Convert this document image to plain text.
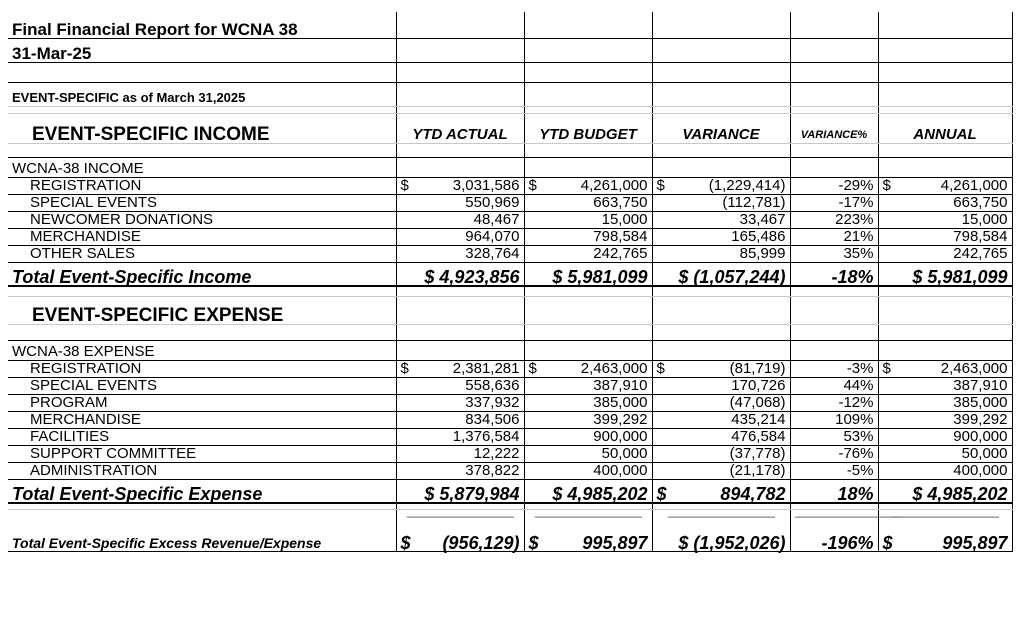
Final Financial Report for WCNA 38					
31-Mar-25					

EVENT-SPECIFIC as of March 31,2025					

EVENT-SPECIFIC INCOME	YTD ACTUAL	YTD BUDGET	VARIANCE	VARIANCE%	ANNUAL

WCNA-38 INCOME					
REGISTRATION	$ 3,031,586	$ 4,261,000	$ (1,229,414)	-29%	$ 4,261,000

SPECIAL EVENTS	550,969	663,750	(112,781)	-17%	663,750
NEWCOMER DONATIONS	48,467	15,000	33,467	223%	15,000
MERCHANDISE	964,070	798,584	165,486	21%	798,584
OTHER SALES	328,764	242,765	85,999	35%	242,765
Total Event-Specific Income	$ 4,923,856	$ 5,981,099	$ (1,057,244)	-18%	$ 5,981,099

EVENT-SPECIFIC EXPENSE					

WCNA-38 EXPENSE					
REGISTRATION	$ 2,381,281	$ 2,463,000	$ (81,719)	-3%	$ 2,463,000

SPECIAL EVENTS	558,636	387,910	170,726	44%	387,910
PROGRAM	337,932	385,000	(47,068)	-12%	385,000
MERCHANDISE	834,506	399,292	435,214	109%	399,292
FACILITIES	1,376,584	900,000	476,584	53%	900,000
SUPPORT COMMITTEE	12,222	50,000	(37,778)	-76%	50,000
ADMINISTRATION	378,822	400,000	(21,178)	-5%	400,000
Total Event-Specific Expense	$ 5,879,984	$ 4,985,202	$ 894,782	18%	$ 4,985,202

	----------------------------------------------	----------------------------------------------	----------------------------------------------	----------------------------------------------	----------------------------------------------
Total Event-Specific Excess Revenue/Expense	$ (956,129)	$ 995,897	$ (1,952,026)	-196%	$ 995,897
